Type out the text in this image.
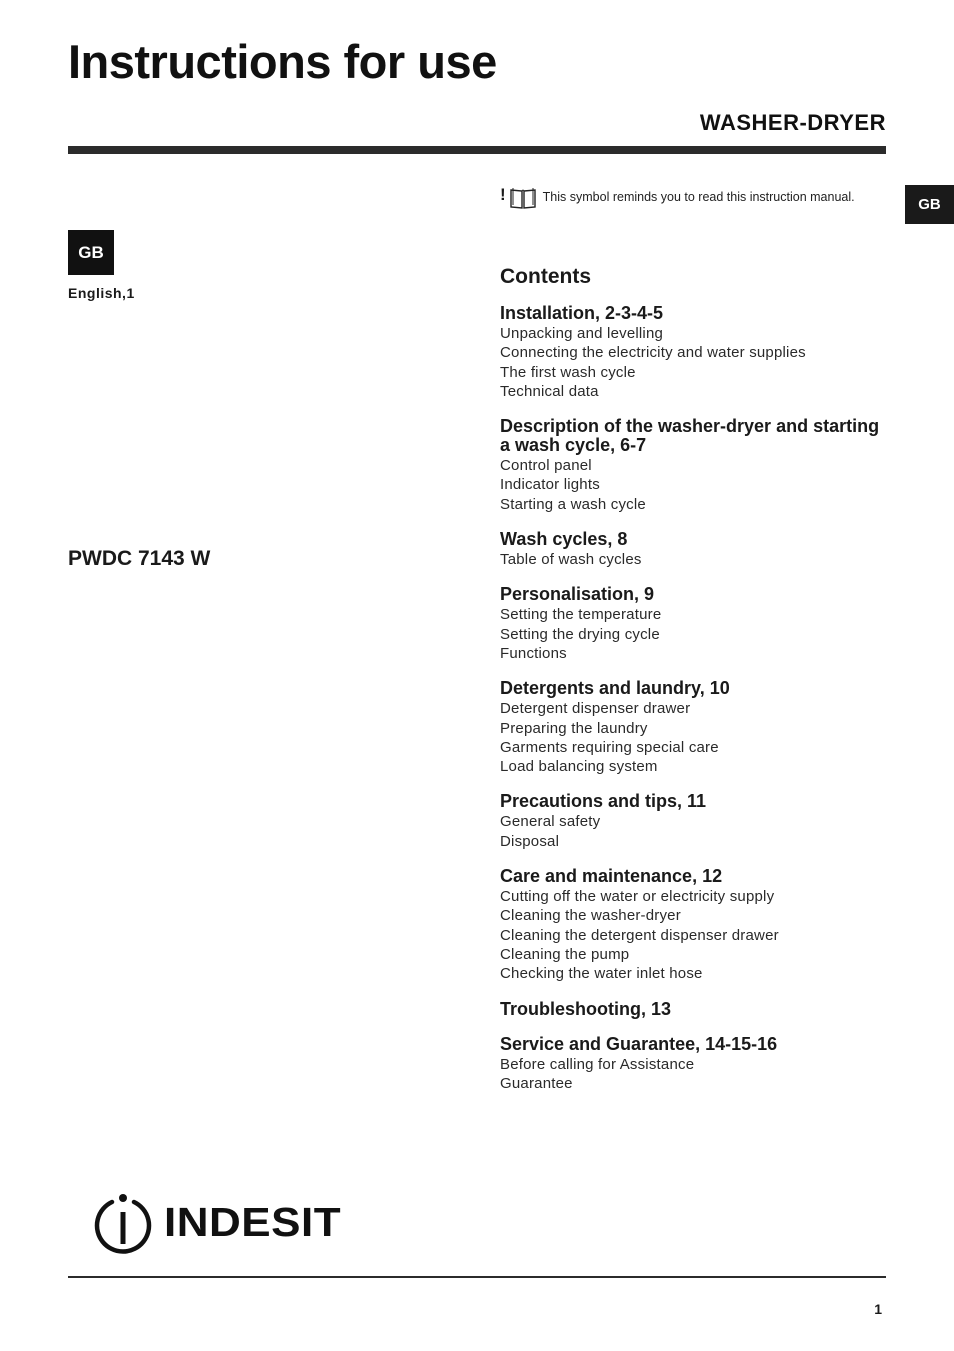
Instructions for use
WASHER-DRYER
GB
GB
English,1
PWDC 7143 W
!	This symbol reminds you to read this instruction manual.
Contents
Installation, 2-3-4-5
Unpacking and levelling
Connecting the electricity and water supplies
The first wash cycle
Technical data
Description of the washer-dryer and starting a wash cycle, 6-7
Control panel
Indicator lights
Starting a wash cycle
Wash cycles, 8
Table of wash cycles
Personalisation, 9
Setting the temperature
Setting the drying cycle
Functions
Detergents and laundry, 10
Detergent dispenser drawer
Preparing the laundry
Garments requiring special care
Load balancing system
Precautions and tips, 11
General safety
Disposal
Care and maintenance, 12
Cutting off the water or electricity supply
Cleaning the washer-dryer
Cleaning the detergent dispenser drawer
Cleaning the pump
Checking the water inlet hose
Troubleshooting, 13
Service and Guarantee, 14-15-16
Before calling for Assistance
Guarantee
INDESIT
1
